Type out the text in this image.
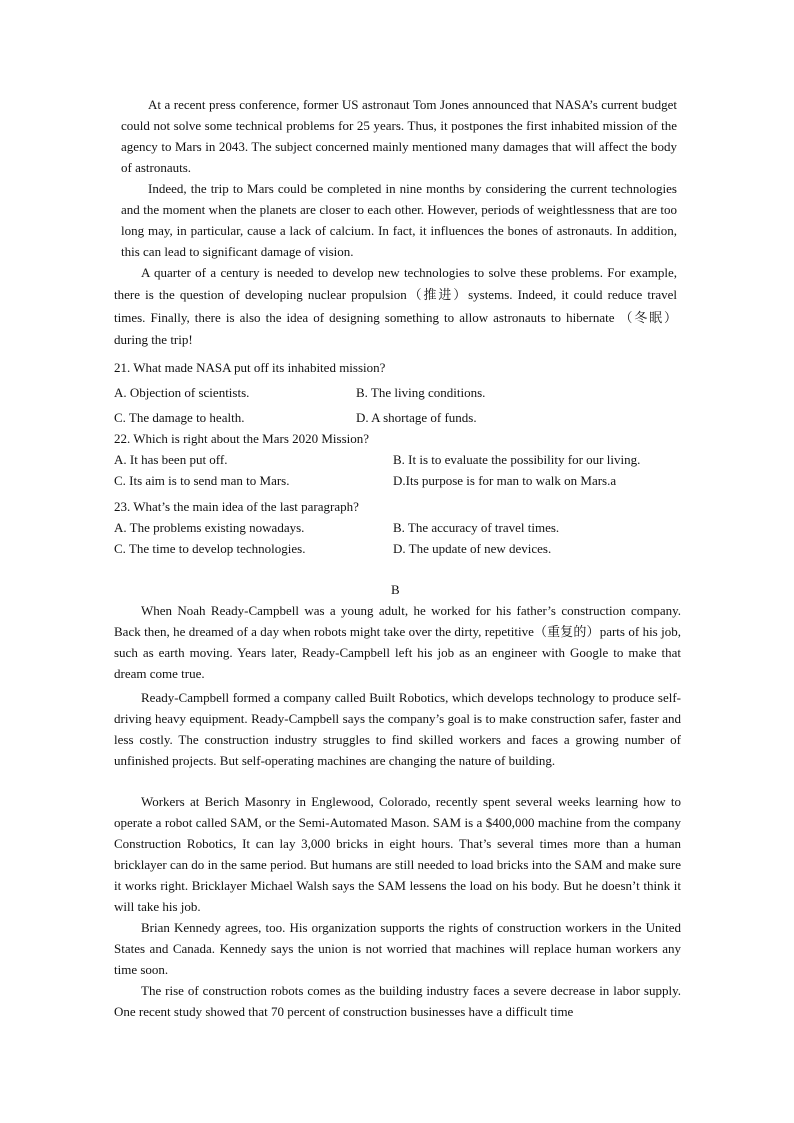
At a recent press conference, former US astronaut Tom Jones announced that NASA’s current budget could not solve some technical problems for 25 years. Thus, it postpones the first inhabited mission of the agency to Mars in 2043. The subject concerned mainly mentioned many damages that will affect the body of astronauts.

Indeed, the trip to Mars could be completed in nine months by considering the current technologies and the moment when the planets are closer to each other. However, periods of weightlessness that are too long may, in particular, cause a lack of calcium. In fact, it influences the bones of astronauts. In addition, this can lead to significant damage of vision.

A quarter of a century is needed to develop new technologies to solve these problems. For example, there is the question of developing nuclear propulsion（推进）systems. Indeed, it could reduce travel times. Finally, there is also the idea of designing something to allow astronauts to hibernate （冬眠） during the trip!

21. What made NASA put off its inhabited mission?

A. Objection of scientists.	B. The living conditions.

C. The damage to health.	D. A shortage of funds.

22. Which is right about the Mars 2020 Mission?

A. It has been put off.	B. It is to evaluate the possibility for our living.

C. Its aim is to send man to Mars.	D.Its purpose is for man to walk on Mars.a

23. What’s the main idea of the last paragraph?

A. The problems existing nowadays.	B. The accuracy of travel times.

C. The time to develop technologies.	D. The update of new devices.

B

When Noah Ready-Campbell was a young adult, he worked for his father’s construction company. Back then, he dreamed of a day when robots might take over the dirty, repetitive（重复的）parts of his job, such as earth moving. Years later, Ready-Campbell left his job as an engineer with Google to make that dream come true.

Ready-Campbell formed a company called Built Robotics, which develops technology to produce self-driving heavy equipment. Ready-Campbell says the company’s goal is to make construction safer, faster and less costly. The construction industry struggles to find skilled workers and faces a growing number of unfinished projects. But self-operating machines are changing the nature of building.

Workers at Berich Masonry in Englewood, Colorado, recently spent several weeks learning how to operate a robot called SAM, or the Semi-Automated Mason. SAM is a $400,000 machine from the company Construction Robotics, It can lay 3,000 bricks in eight hours. That’s several times more than a human bricklayer can do in the same period. But humans are still needed to load bricks into the SAM and make sure it works right. Bricklayer Michael Walsh says the SAM lessens the load on his body. But he doesn’t think it will take his job.

Brian Kennedy agrees, too. His organization supports the rights of construction workers in the United States and Canada. Kennedy says the union is not worried that machines will replace human workers any time soon.

The rise of construction robots comes as the building industry faces a severe decrease in labor supply. One recent study showed that 70 percent of construction businesses have a difficult time
